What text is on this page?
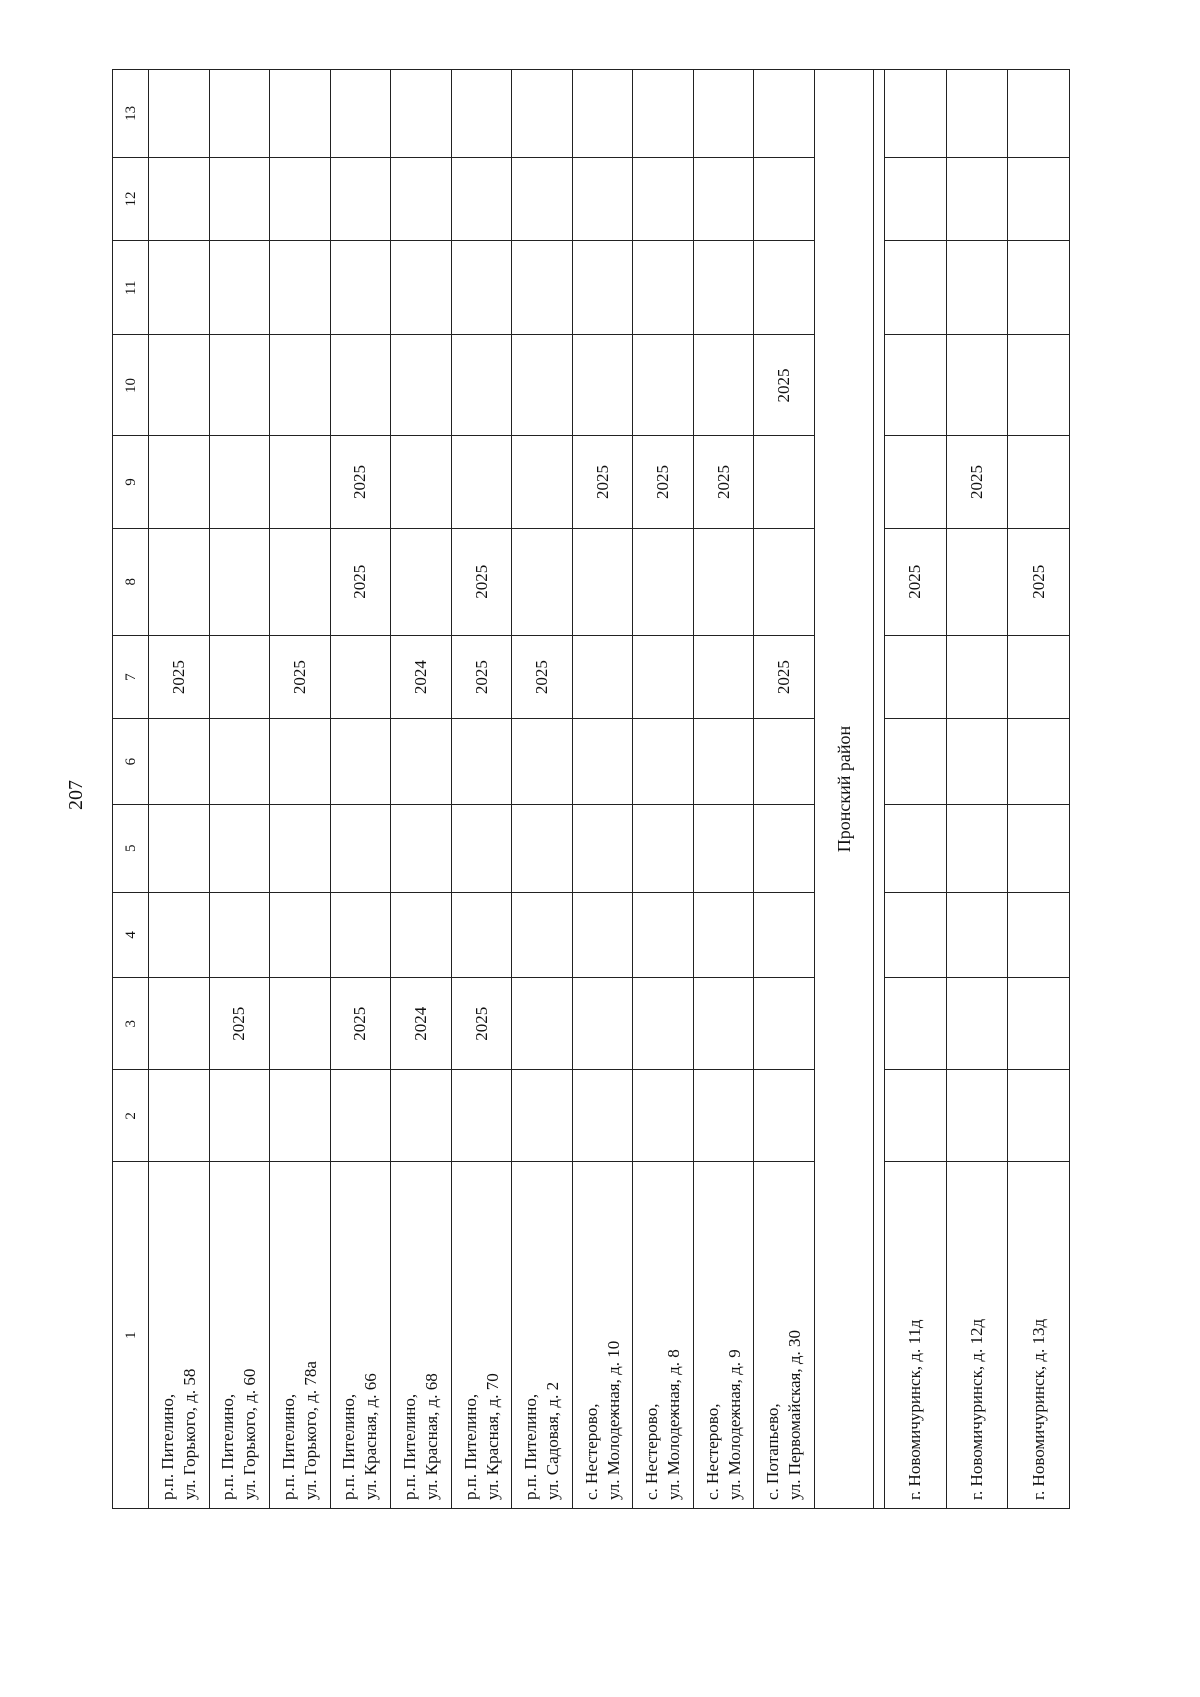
207
1	2	3	4	5	6	7	8	9	10	11	12	13

р.п. Пителино, ул. Горького, д. 58						2025						

р.п. Пителино, ул. Горького, д. 60		2025										

р.п. Пителино, ул. Горького, д. 78а						2025						

р.п. Пителино, ул. Красная, д. 66		2025					2025	2025				

р.п. Пителино, ул. Красная, д. 68		2024				2024						

р.п. Пителино, ул. Красная, д. 70		2025				2025	2025					

р.п. Пителино, ул. Садовая, д. 2						2025						

с. Нестерово, ул. Молодежная, д. 10								2025				

с. Нестерово, ул. Молодежная, д. 8								2025				

с. Нестерово, ул. Молодежная, д. 9								2025				

с. Потапьево, ул. Первомайская, д. 30						2025			2025			
Пронский район												

г. Новомичуринск, д. 11д							2025					

г. Новомичуринск, д. 12д								2025				

г. Новомичуринск, д. 13д							2025					
